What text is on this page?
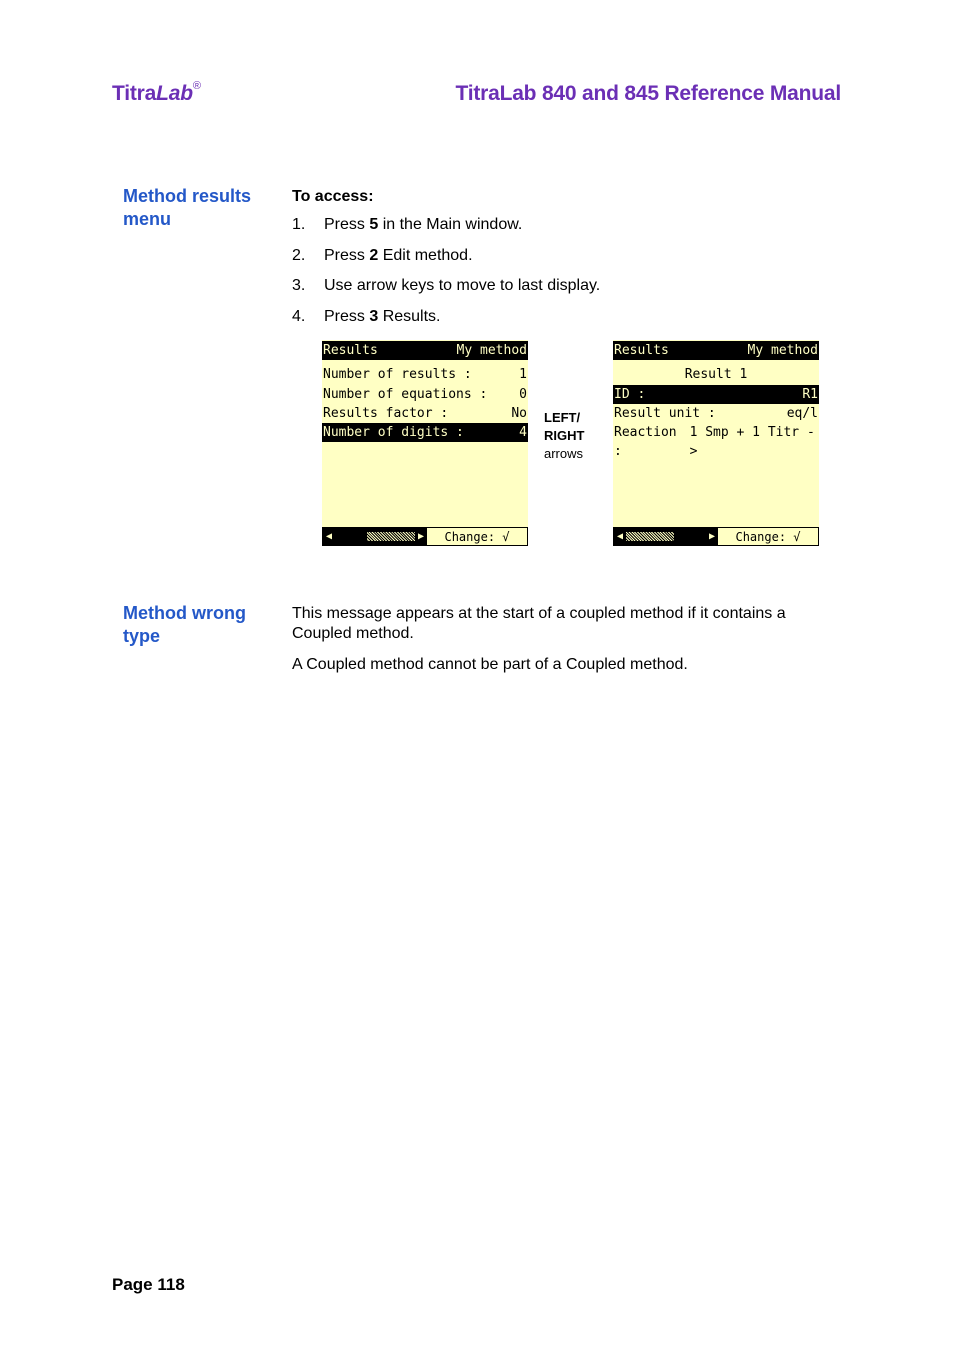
TitraLab®	TitraLab 840 and 845 Reference Manual
Method results menu
To access:
1.	Press 5 in the Main window.
2.	Press 2 Edit method.
3.	Use arrow keys to move to last display.
4.	Press 3 Results.
Results	My method
Number of results :	1
Number of equations : 0
Results factor :	No
Number of digits :	4
◀	▶	Change: √
LEFT/
RIGHT
arrows
Results	My method
Result 1
ID :	R1
Result unit :	eq/l
Reaction :
1 Smp + 1 Titr ->
◀	▶	Change: √
Method wrong type
This message appears at the start of a coupled method if it contains a Coupled method.
A Coupled method cannot be part of a Coupled method.
Page 118
